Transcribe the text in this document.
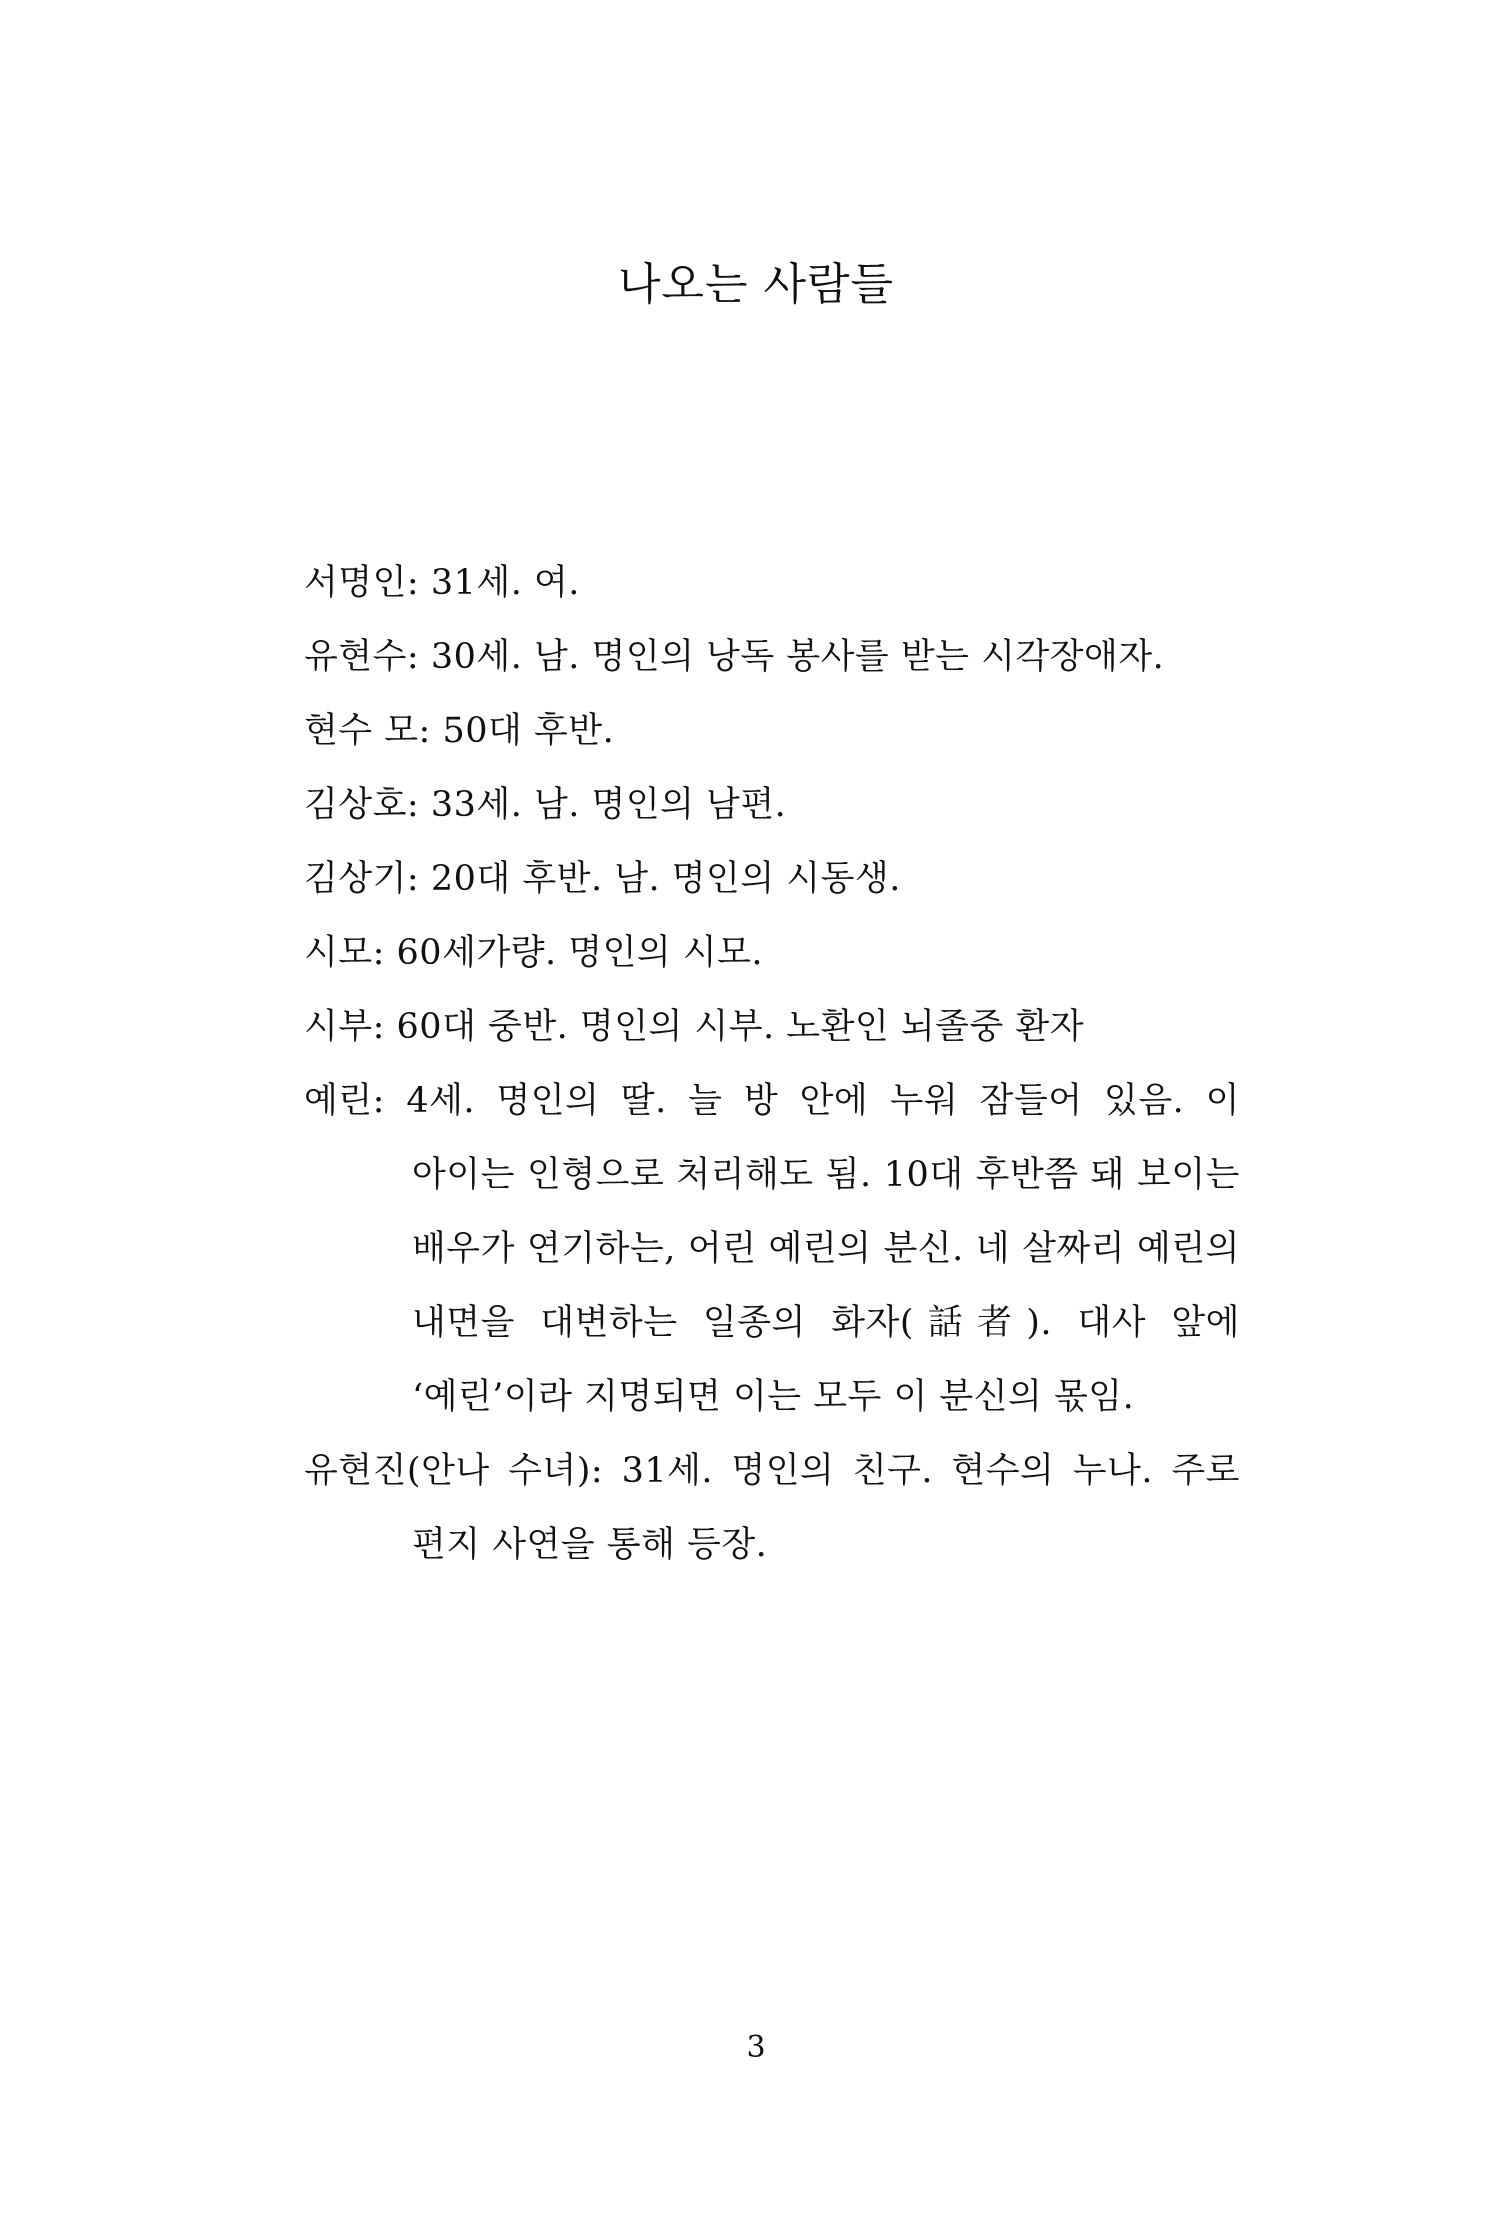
나오는 사람들
서명인: 31세. 여.
유현수: 30세. 남. 명인의 낭독 봉사를 받는 시각장애자.
현수 모: 50대 후반.
김상호: 33세. 남. 명인의 남편.
김상기: 20대 후반. 남. 명인의 시동생.
시모: 60세가량. 명인의 시모.
시부: 60대 중반. 명인의 시부. 노환인 뇌졸중 환자
예린: 4세. 명인의 딸. 늘 방 안에 누워 잠들어 있음. 이 아이는 인형으로 처리해도 됨. 10대 후반쯤 돼 보이는 배우가 연기하는, 어린 예린의 분신. 네 살짜리 예린의 내면을 대변하는 일종의 화자(話者). 대사 앞에 ‘예린’이라 지명되면 이는 모두 이 분신의 몫임.
유현진(안나 수녀): 31세. 명인의 친구. 현수의 누나. 주로 편지 사연을 통해 등장.
3
